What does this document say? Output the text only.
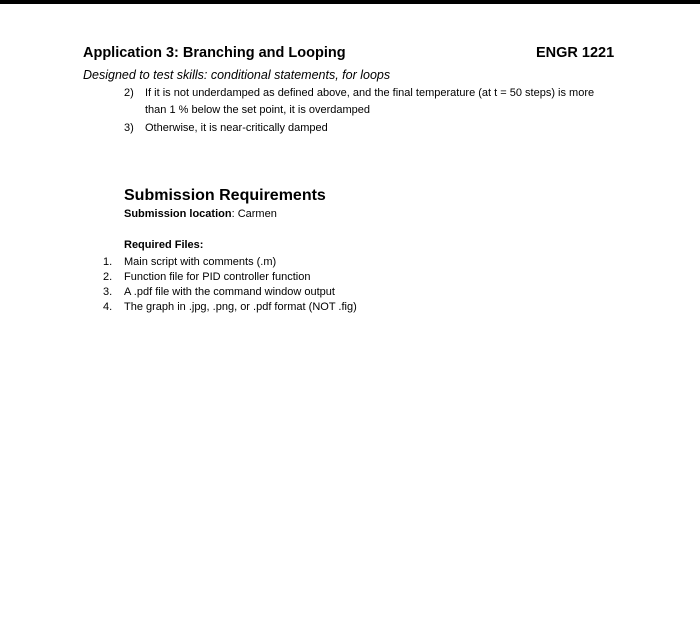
Application 3: Branching and Looping	ENGR 1221
Designed to test skills: conditional statements, for loops
2) If it is not underdamped as defined above, and the final temperature (at t = 50 steps) is more than 1 % below the set point, it is overdamped
3) Otherwise, it is near-critically damped
Submission Requirements
Submission location: Carmen
Required Files:
1. Main script with comments (.m)
2. Function file for PID controller function
3. A .pdf file with the command window output
4. The graph in .jpg, .png, or .pdf format (NOT .fig)
